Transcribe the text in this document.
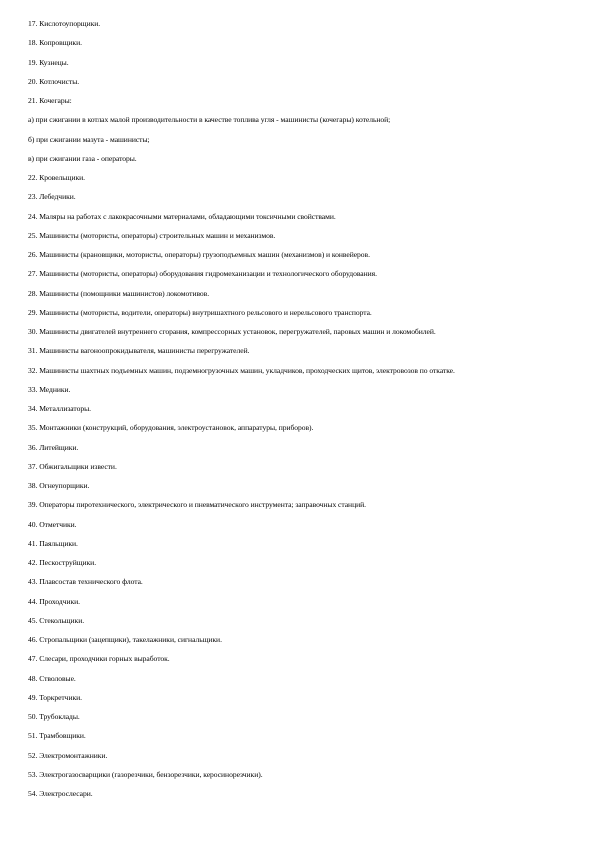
17. Кислотоупорщики.
18. Копровщики.
19. Кузнецы.
20. Котлочисты.
21. Кочегары:
а) при сжигании в котлах малой производительности в качестве топлива угля - машинисты (кочегары) котельной;
б) при сжигании мазута - машинисты;
в) при сжигании газа - операторы.
22. Кровельщики.
23. Лебедчики.
24. Маляры на работах с лакокрасочными материалами, обладающими токсичными свойствами.
25. Машинисты (мотористы, операторы) строительных машин и механизмов.
26. Машинисты (крановщики, мотористы, операторы) грузоподъемных машин (механизмов) и конвейеров.
27. Машинисты (мотористы, операторы) оборудования гидромеханизации и технологического оборудования.
28. Машинисты (помощники машинистов) локомотивов.
29. Машинисты (мотористы, водители, операторы) внутришахтного рельсового и нерельсового транспорта.
30. Машинисты двигателей внутреннего сгорания, компрессорных установок, перегружателей, паровых машин и локомобилей.
31. Машинисты вагоноопрокидывателя, машинисты перегружателей.
32. Машинисты шахтных подъемных машин, подземногрузочных машин, укладчиков, проходческих щитов, электровозов по откатке.
33. Медники.
34. Металлизаторы.
35. Монтажники (конструкций, оборудования, электроустановок, аппаратуры, приборов).
36. Литейщики.
37. Обжигальщики извести.
38. Огнеупорщики.
39. Операторы пиротехнического, электрического и пневматического инструмента; заправочных станций.
40. Отметчики.
41. Паяльщики.
42. Пескоструйщики.
43. Плавсостав технического флота.
44. Проходчики.
45. Стекольщики.
46. Стропальщики (зацепщики), такелажники, сигнальщики.
47. Слесари, проходчики горных выработок.
48. Стволовые.
49. Торкретчики.
50. Трубоклады.
51. Трамбовщики.
52. Электромонтажники.
53. Электрогазосварщики (газорезчики, бензорезчики, керосинорезчики).
54. Электрослесари.
